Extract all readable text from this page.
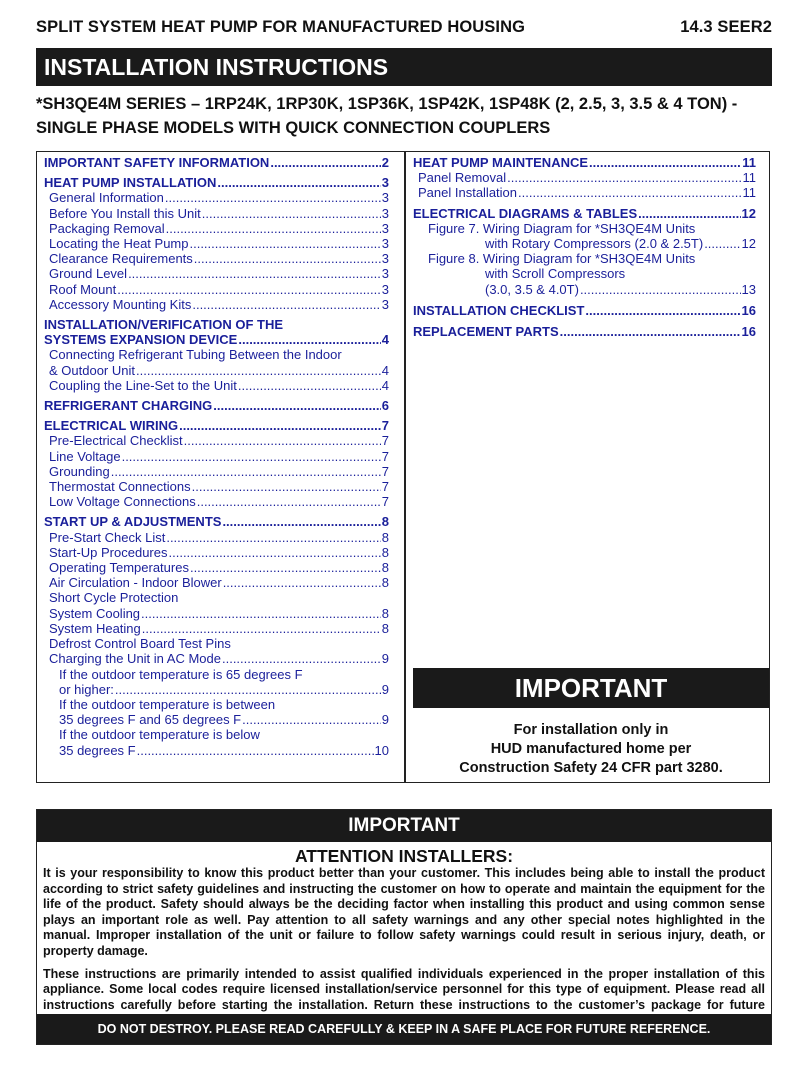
SPLIT SYSTEM HEAT PUMP FOR MANUFACTURED HOUSING	14.3 SEER2
INSTALLATION INSTRUCTIONS
*SH3QE4M SERIES – 1RP24K, 1RP30K, 1SP36K, 1SP42K, 1SP48K (2, 2.5, 3, 3.5 & 4 TON) -
SINGLE PHASE MODELS WITH QUICK CONNECTION COUPLERS
IMPORTANT SAFETY INFORMATION .....	2
HEAT PUMP INSTALLATION .....	3
General Information .....	3
Before You Install this Unit .....	3
Packaging Removal .....	3
Locating the Heat Pump .....	3
Clearance Requirements .....	3
Ground Level .....	3
Roof Mount .....	3
Accessory Mounting Kits .....	3
INSTALLATION/VERIFICATION OF THE
SYSTEMS EXPANSION DEVICE .....	4
Connecting Refrigerant Tubing Between the Indoor
& Outdoor Unit .....	4
Coupling the Line-Set to the Unit .....	4
REFRIGERANT CHARGING .....	6
ELECTRICAL WIRING .....	7
Pre-Electrical Checklist .....	7
Line Voltage .....	7
Grounding .....	7
Thermostat Connections .....	7
Low Voltage Connections .....	7
START UP & ADJUSTMENTS .....	8
Pre-Start Check List .....	8
Start-Up Procedures .....	8
Operating Temperatures .....	8
Air Circulation - Indoor Blower .....	8
Short Cycle Protection
System Cooling .....	8
System Heating .....	8
Defrost Control Board Test Pins
Charging the Unit in AC Mode .....	9
If the outdoor temperature is 65 degrees F
or higher: .....	9
If the outdoor temperature is between
35 degrees F and 65 degrees F .....	9
If the outdoor temperature is below
35 degrees F .....	10
HEAT PUMP MAINTENANCE .....	11
Panel Removal .....	11
Panel Installation .....	11
ELECTRICAL DIAGRAMS & TABLES .....	12
Figure 7. Wiring Diagram for *SH3QE4M Units
with Rotary Compressors (2.0 & 2.5T) .....	12
Figure 8. Wiring Diagram for *SH3QE4M Units
with Scroll Compressors
(3.0, 3.5 & 4.0T) .....	13
INSTALLATION CHECKLIST .....	16
REPLACEMENT PARTS .....	16
IMPORTANT
For installation only in
HUD manufactured home per
Construction Safety 24 CFR part 3280.
IMPORTANT
ATTENTION INSTALLERS:

It is your responsibility to know this product better than your customer. This includes being able to install the product according to strict safety guidelines and instructing the customer on how to operate and maintain the equipment for the life of the product. Safety should always be the deciding factor when installing this product and using common sense plays an important role as well. Pay attention to all safety warnings and any other special notes highlighted in the manual. Improper installation of the unit or failure to follow safety warnings could result in serious injury, death, or property damage.

These instructions are primarily intended to assist qualified individuals experienced in the proper installation of this appliance. Some local codes require licensed installation/service personnel for this type of equipment. Please read all instructions carefully before starting the installation. Return these instructions to the customer’s package for future

DO NOT DESTROY. PLEASE READ CAREFULLY & KEEP IN A SAFE PLACE FOR FUTURE REFERENCE.
